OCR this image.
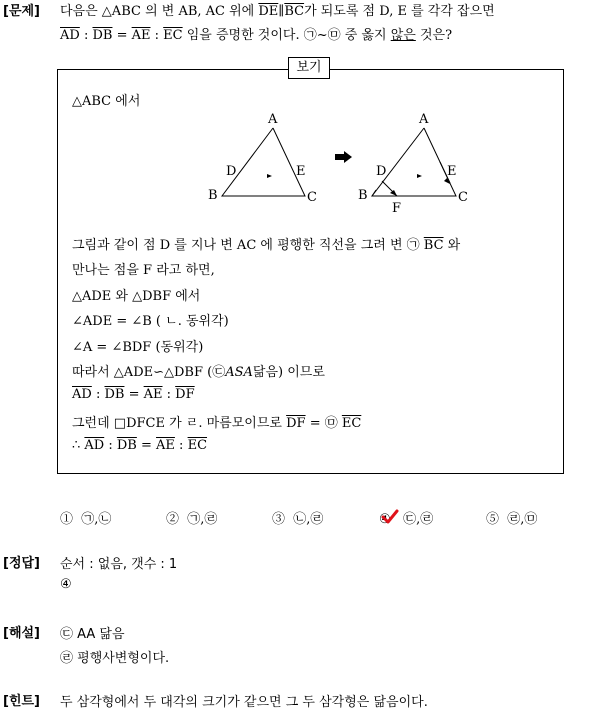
[문제] 다음은 △ABC 의 변 AB, AC 위에 $\overline{DE}\parallel\overline{BC}$가 되도록 점 D, E 를 각각 잡으면
$\overline{AD}$ : $\overline{DB} = \overline{AE}$ : $\overline{EC}$ 임을 증명한 것이다. ㉠~㉤ 중 옳지 않은 것은?
보기
△ABC 에서
A
B	C
D	E
A
B	C
D	E
F
그림과 같이 점 D 를 지나 변 AC 에 평행한 직선을 그려 변 ㉠ $\overline{BC}$ 와
만나는 점을 F 라고 하면,
△ADE 와 △DBF 에서
∠ADE = ∠B ( ㄴ. 동위각)
∠A = ∠BDF (동위각)
따라서 △ADE∽△DBF (㉢ASA닮음) 이므로
$\overline{AD}$ : $\overline{DB} = \overline{AE}$ : $\overline{DF}$
그런데 □DFCE 가 ㄹ. 마름모이므로 $\overline{DF}$ = ㉤ $\overline{EC}$
∴ $\overline{AD}$ : $\overline{DB} = \overline{AE}$ : $\overline{EC}$
① ㉠,㉡	② ㉠,㉣	③ ㉡,㉣	④ ㉢,㉣	⑤ ㉣,㉤
[정답] 순서 : 없음, 갯수 : 1
④
[해설] ㉢ AA 닮음
㉣ 평행사변형이다.
[힌트] 두 삼각형에서 두 대각의 크기가 같으면 그 두 삼각형은 닮음이다.
